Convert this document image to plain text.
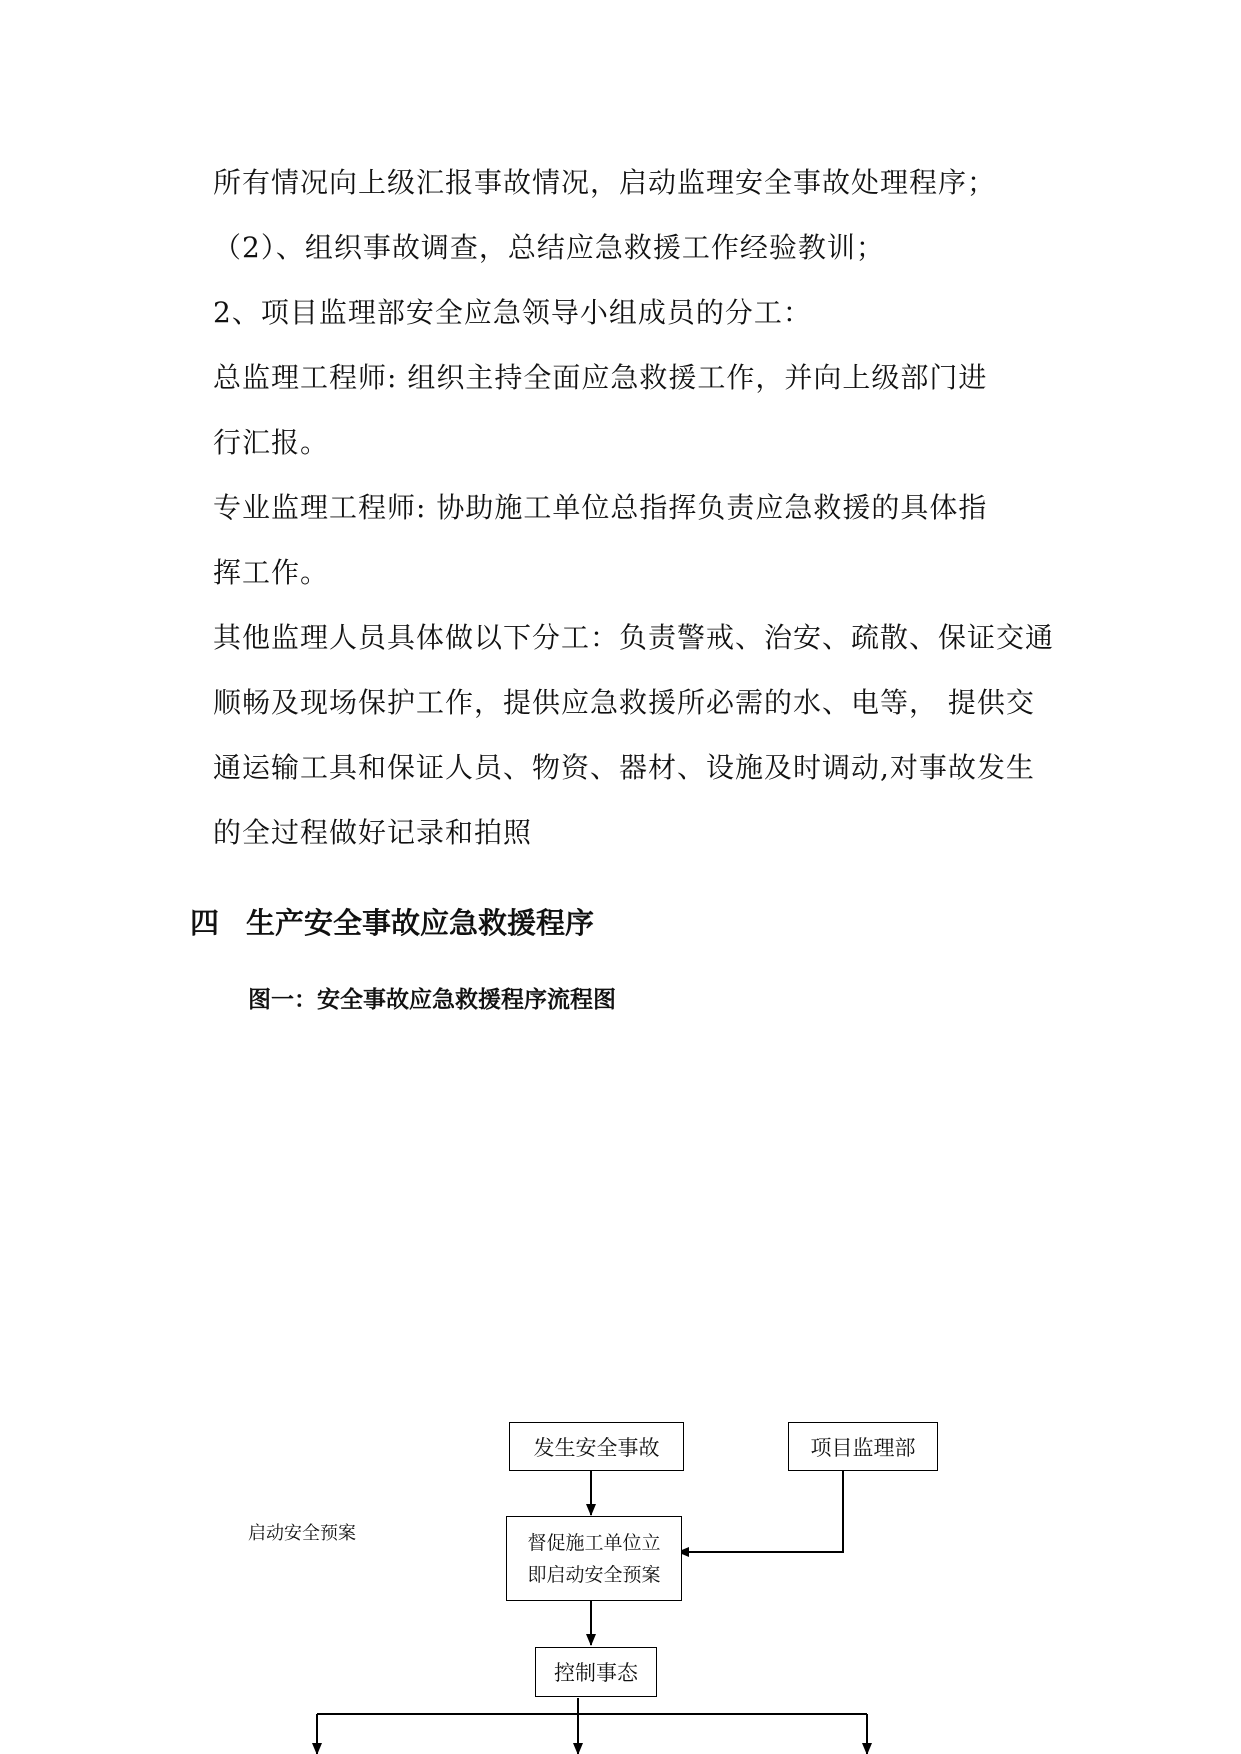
所有情况向上级汇报事故情况，启动监理安全事故处理程序；
（2）、组织事故调查，总结应急救援工作经验教训；
2、项目监理部安全应急领导小组成员的分工：
总监理工程师: 组织主持全面应急救援工作，并向上级部门进
行汇报。
专业监理工程师: 协助施工单位总指挥负责应急救援的具体指
挥工作。
其他监理人员具体做以下分工：负责警戒、治安、疏散、保证交通
顺畅及现场保护工作，提供应急救援所必需的水、电等， 提供交
通运输工具和保证人员、物资、器材、设施及时调动,对事故发生
的全过程做好记录和拍照
四 生产安全事故应急救援程序
图一：安全事故应急救援程序流程图
发生安全事故	项目监理部
督促施工单位立
即启动安全预案
控制事态
启动安全预案
